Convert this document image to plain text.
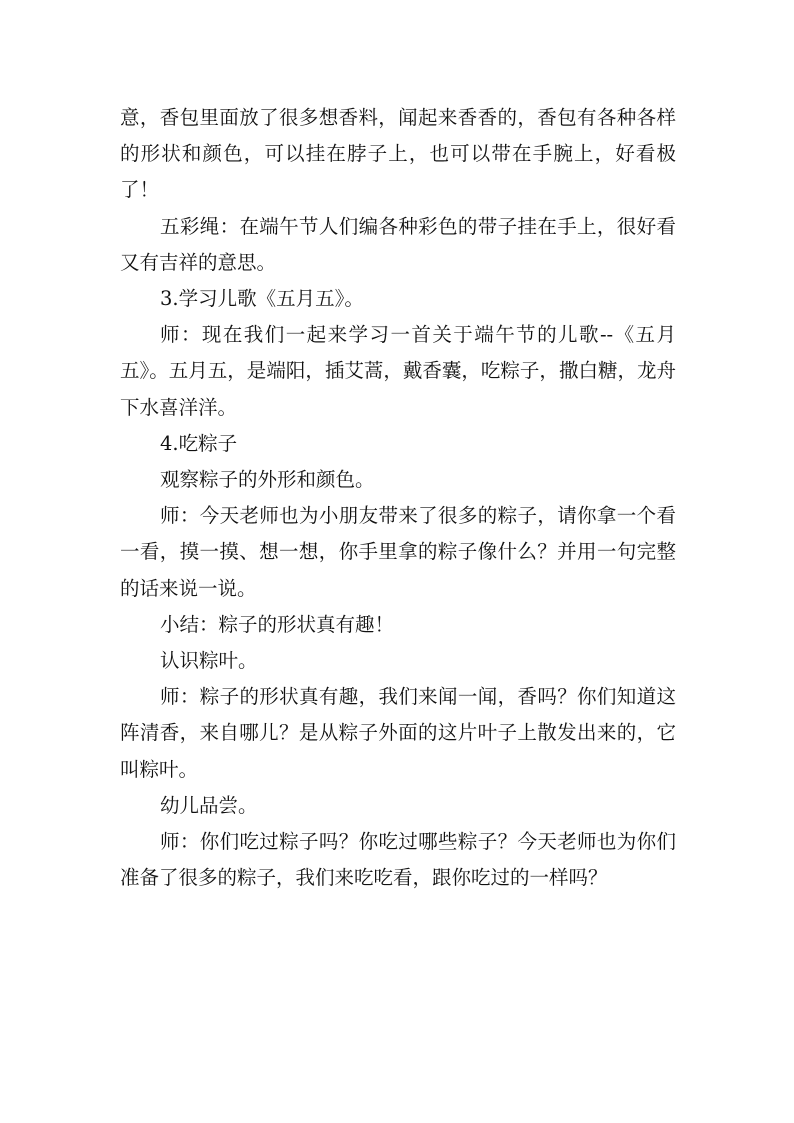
意，香包里面放了很多想香料，闻起来香香的，香包有各种各样的形状和颜色，可以挂在脖子上，也可以带在手腕上，好看极了！

五彩绳：在端午节人们编各种彩色的带子挂在手上，很好看又有吉祥的意思。

3.学习儿歌《五月五》。

师：现在我们一起来学习一首关于端午节的儿歌--《五月五》。五月五，是端阳，插艾蒿，戴香囊，吃粽子，撒白糖，龙舟下水喜洋洋。

4.吃粽子

观察粽子的外形和颜色。

师：今天老师也为小朋友带来了很多的粽子，请你拿一个看一看，摸一摸、想一想，你手里拿的粽子像什么？并用一句完整的话来说一说。

小结：粽子的形状真有趣！

认识粽叶。

师：粽子的形状真有趣，我们来闻一闻，香吗？你们知道这阵清香，来自哪儿？是从粽子外面的这片叶子上散发出来的，它叫粽叶。

幼儿品尝。

师：你们吃过粽子吗？你吃过哪些粽子？今天老师也为你们准备了很多的粽子，我们来吃吃看，跟你吃过的一样吗？
